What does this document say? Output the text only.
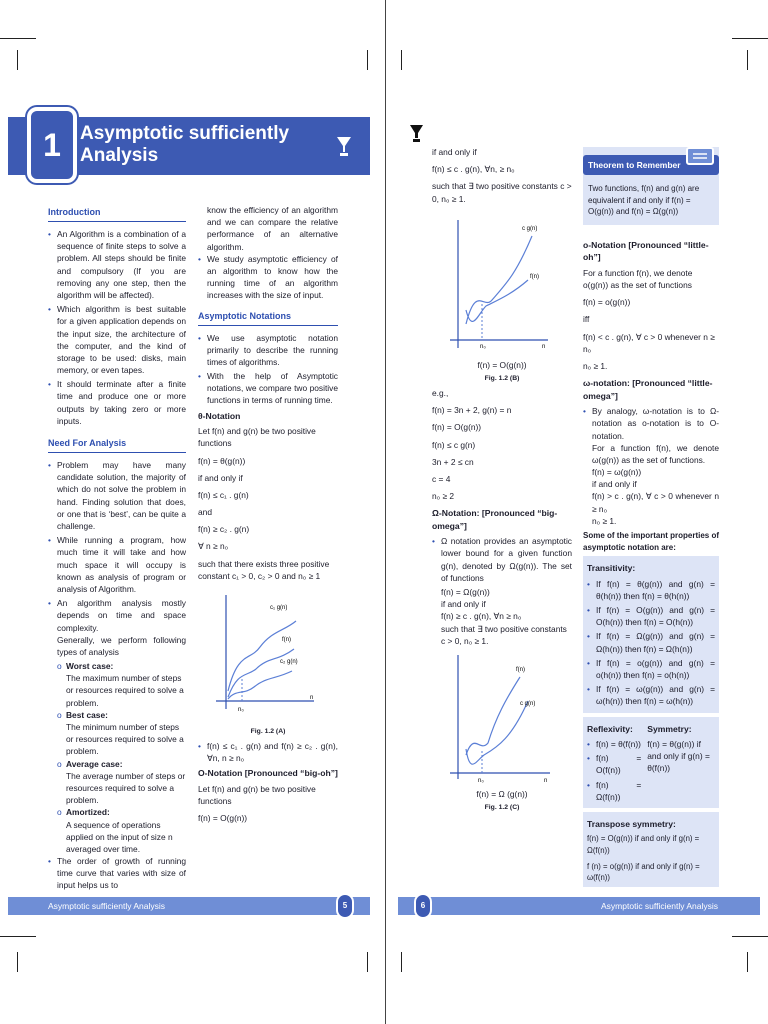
1	Asymptotic sufficiently
Analysis
Introduction
• An Algorithm is a combination of a sequence of finite steps to solve a problem. All steps should be finite and compulsory (If you are removing any one step, then the algorithm will be affected).
• Which algorithm is best suitable for a given application depends on the input size, the architecture of the computer, and the kind of storage to be used: disks, main memory, or even tapes.
• It should terminate after a finite time and produce one or more outputs by taking zero or more inputs.
Need For Analysis
• Problem may have many candidate solution, the majority of which do not solve the problem in hand. Finding solution that does, or one that is ‘best’, can be quite a challenge.
• While running a program, how much time it will take and how much space it will occupy is known as analysis of program or analysis of Algorithm.
• An algorithm analysis mostly depends on time and space complexity.
Generally, we perform following types of analysis
o Worst case:
The maximum number of steps or resources required to solve a problem.
o Best case:
The minimum number of steps or resources required to solve a problem.
o Average case:
The average number of steps or resources required to solve a problem.
o Amortized:
A sequence of operations applied on the input of size n averaged over time.
• The order of growth of running time curve that varies with size of input helps us to
know the efficiency of an algorithm and we can compare the relative performance of an alternative algorithm.
• We study asymptotic efficiency of an algorithm to know how the running time of an algorithm increases with the size of input.
Asymptotic Notations
• We use asymptotic notation primarily to describe the running times of algorithms.
• With the help of Asymptotic notations, we compare two positive functions in terms of running time.
θ-Notation
Let f(n) and g(n) be two positive functions
f(n) = θ(g(n))
if and only if
f(n) ≤ c₁ . g(n)
and
f(n) ≥ c₂ . g(n)
∀ n ≥ n₀
such that there exists three positive constant c₁ > 0, c₂ > 0 and n₀ ≥ 1
c₁ g(n)
f(n)
c₂ g(n)
n₀
n
Fig. 1.2 (A)
• f(n) ≤ c₁ . g(n) and f(n) ≥ c₂ . g(n), ∀n, n ≥ n₀
O-Notation [Pronounced “big-oh”]
Let f(n) and g(n) be two positive functions
f(n) = O(g(n))
if and only if
f(n) ≤ c . g(n), ∀n, ≥ n₀
such that ∃ two positive constants c > 0, n₀ ≥ 1.
c g(n)
f(n)
n₀	n
f(n) = O(g(n))
Fig. 1.2 (B)
e.g.,
f(n) = 3n + 2, g(n) = n
f(n) = O(g(n))
f(n) ≤ c g(n)
3n + 2 ≤ cn
c = 4
n₀ ≥ 2
Ω-Notation: [Pronounced “big-omega”]
• Ω notation provides an asymptotic lower bound for a given function g(n), denoted by Ω(g(n)). The set of functions
f(n) = Ω(g(n))
if and only if
f(n) ≥ c . g(n), ∀n ≥ n₀
such that ∃ two positive constants c > 0, n₀ ≥ 1.
f(n)
c g(n)
n₀	n
f(n) = Ω (g(n))
Fig. 1.2 (C)
Theorem to Remember
Two functions, f(n) and g(n) are equivalent if and only if f(n) = O(g(n)) and f(n) = Ω(g(n))
o-Notation [Pronounced “little-oh”]
For a function f(n), we denote o(g(n)) as the set of functions
f(n) = o(g(n))
iff
f(n) < c . g(n), ∀ c > 0 whenever n ≥ n₀
n₀ ≥ 1.
ω-notation: [Pronounced “little-omega”]
• By analogy, ω-notation is to Ω-notation as o-notation is to O-notation.
For a function f(n), we denote ω(g(n)) as the set of functions.
f(n) = ω(g(n))
if and only if
f(n) > c . g(n), ∀ c > 0 whenever n ≥ n₀
n₀ ≥ 1.
Some of the important properties of asymptotic notation are:
Transitivity:
• If f(n) = θ(g(n)) and g(n) = θ(h(n)) then f(n) = θ(h(n))
• If f(n) = O(g(n)) and g(n) = O(h(n)) then f(n) = O(h(n))
• If f(n) = Ω(g(n)) and g(n) = Ω(h(n)) then f(n) = Ω(h(n))
• If f(n) = o(g(n)) and g(n) = o(h(n)) then f(n) = o(h(n))
• If f(n) = ω(g(n)) and g(n) = ω(h(n)) then f(n) = ω(h(n))
Reflexivity:
• f(n) = θ(f(n))
• f(n) = O(f(n))
• f(n) = Ω(f(n))
Symmetry:
f(n) = θ(g(n)) if and only if g(n) = θ(f(n))
Transpose symmetry:
f(n) = O(g(n)) if and only if g(n) = Ω(f(n))
f (n) = o(g(n)) if and only if g(n) = ω(f(n))
Asymptotic sufficiently Analysis	5	Asymptotic sufficiently Analysis
6
